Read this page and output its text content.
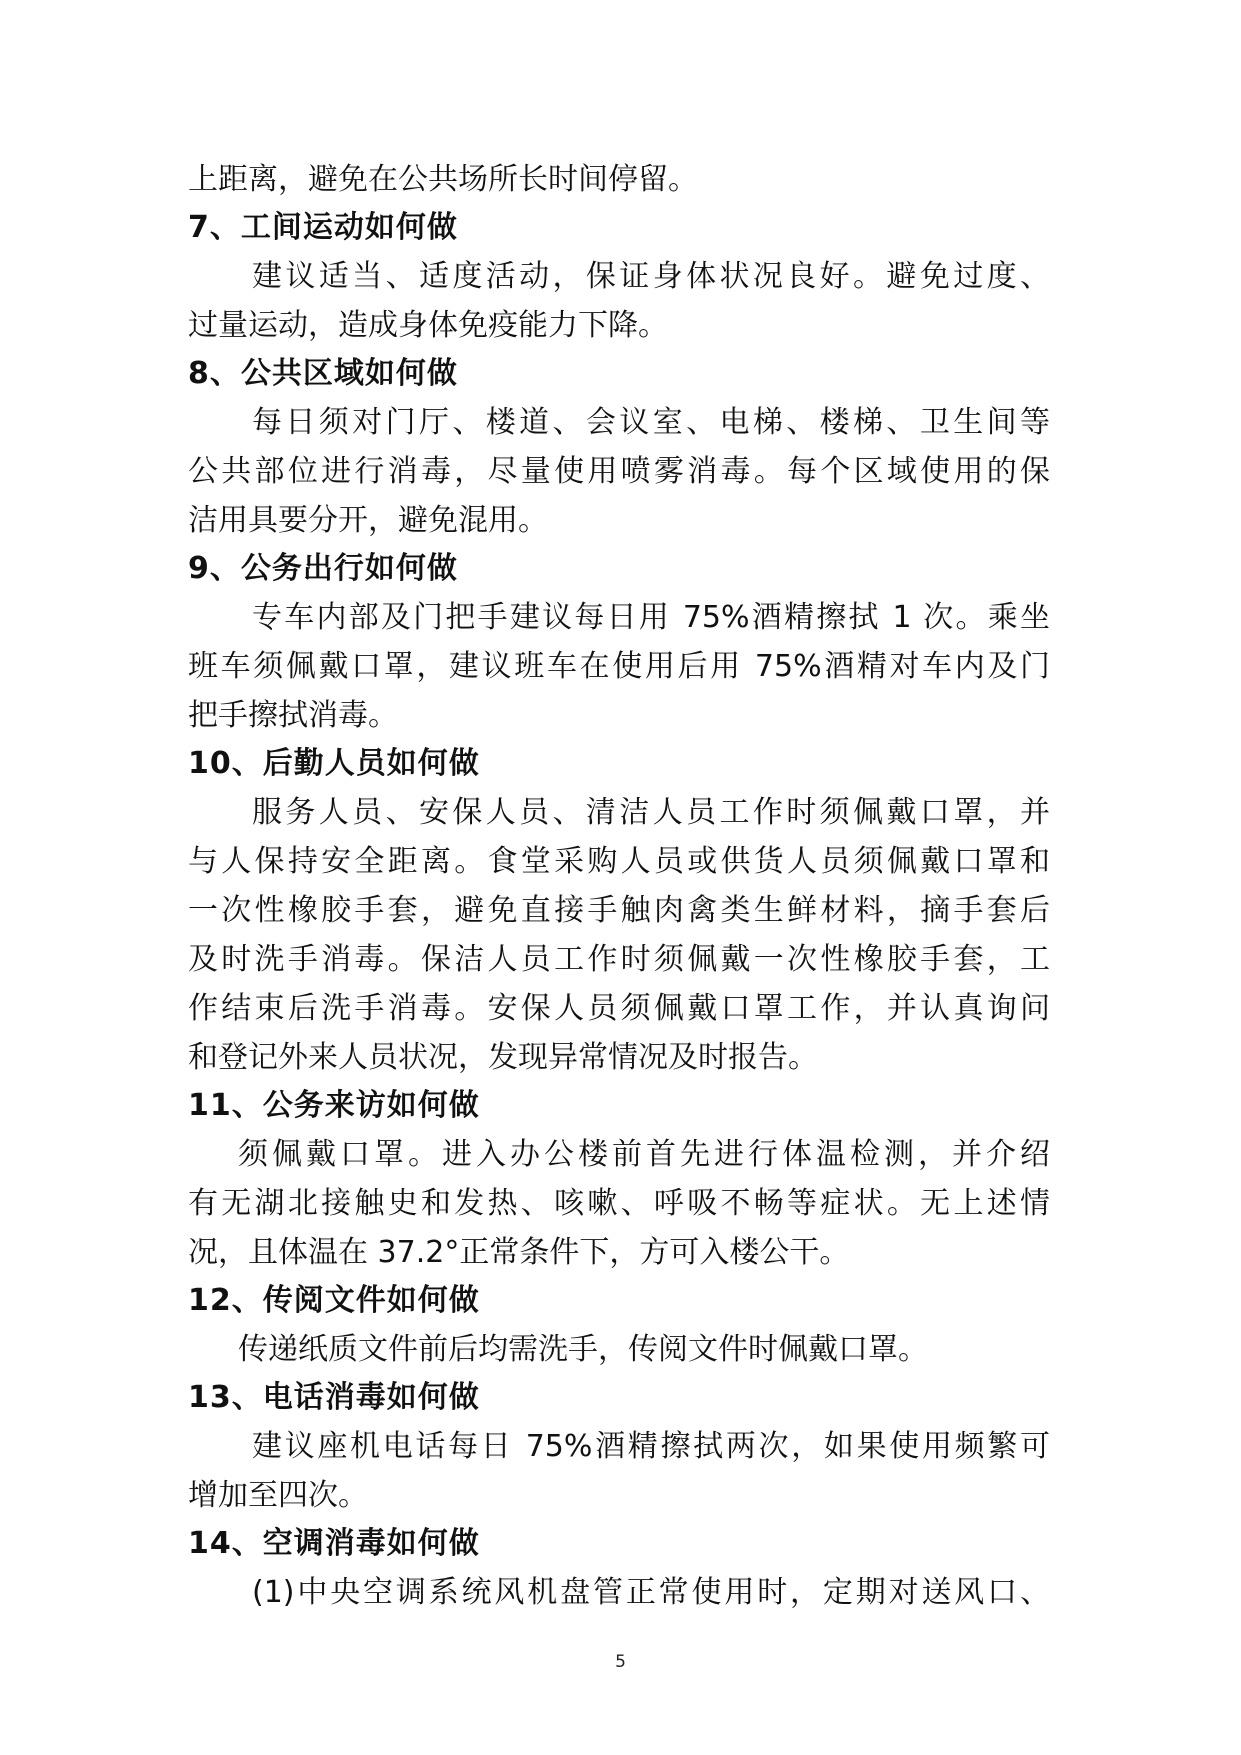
上距离，避免在公共场所长时间停留。
7、工间运动如何做
建议适当、适度活动，保证身体状况良好。避免过度、
过量运动，造成身体免疫能力下降。
8、公共区域如何做
每日须对门厅、楼道、会议室、电梯、楼梯、卫生间等
公共部位进行消毒，尽量使用喷雾消毒。每个区域使用的保
洁用具要分开，避免混用。
9、公务出行如何做
专车内部及门把手建议每日用 75%酒精擦拭 1 次。乘坐
班车须佩戴口罩，建议班车在使用后用 75%酒精对车内及门
把手擦拭消毒。
10、后勤人员如何做
服务人员、安保人员、清洁人员工作时须佩戴口罩，并
与人保持安全距离。食堂采购人员或供货人员须佩戴口罩和
一次性橡胶手套，避免直接手触肉禽类生鲜材料，摘手套后
及时洗手消毒。保洁人员工作时须佩戴一次性橡胶手套，工
作结束后洗手消毒。安保人员须佩戴口罩工作，并认真询问
和登记外来人员状况，发现异常情况及时报告。
11、公务来访如何做
须佩戴口罩。进入办公楼前首先进行体温检测，并介绍
有无湖北接触史和发热、咳嗽、呼吸不畅等症状。无上述情
况，且体温在 37.2°正常条件下，方可入楼公干。
12、传阅文件如何做
传递纸质文件前后均需洗手，传阅文件时佩戴口罩。
13、电话消毒如何做
建议座机电话每日 75%酒精擦拭两次，如果使用频繁可
增加至四次。
14、空调消毒如何做
(1)中央空调系统风机盘管正常使用时，定期对送风口、
5
